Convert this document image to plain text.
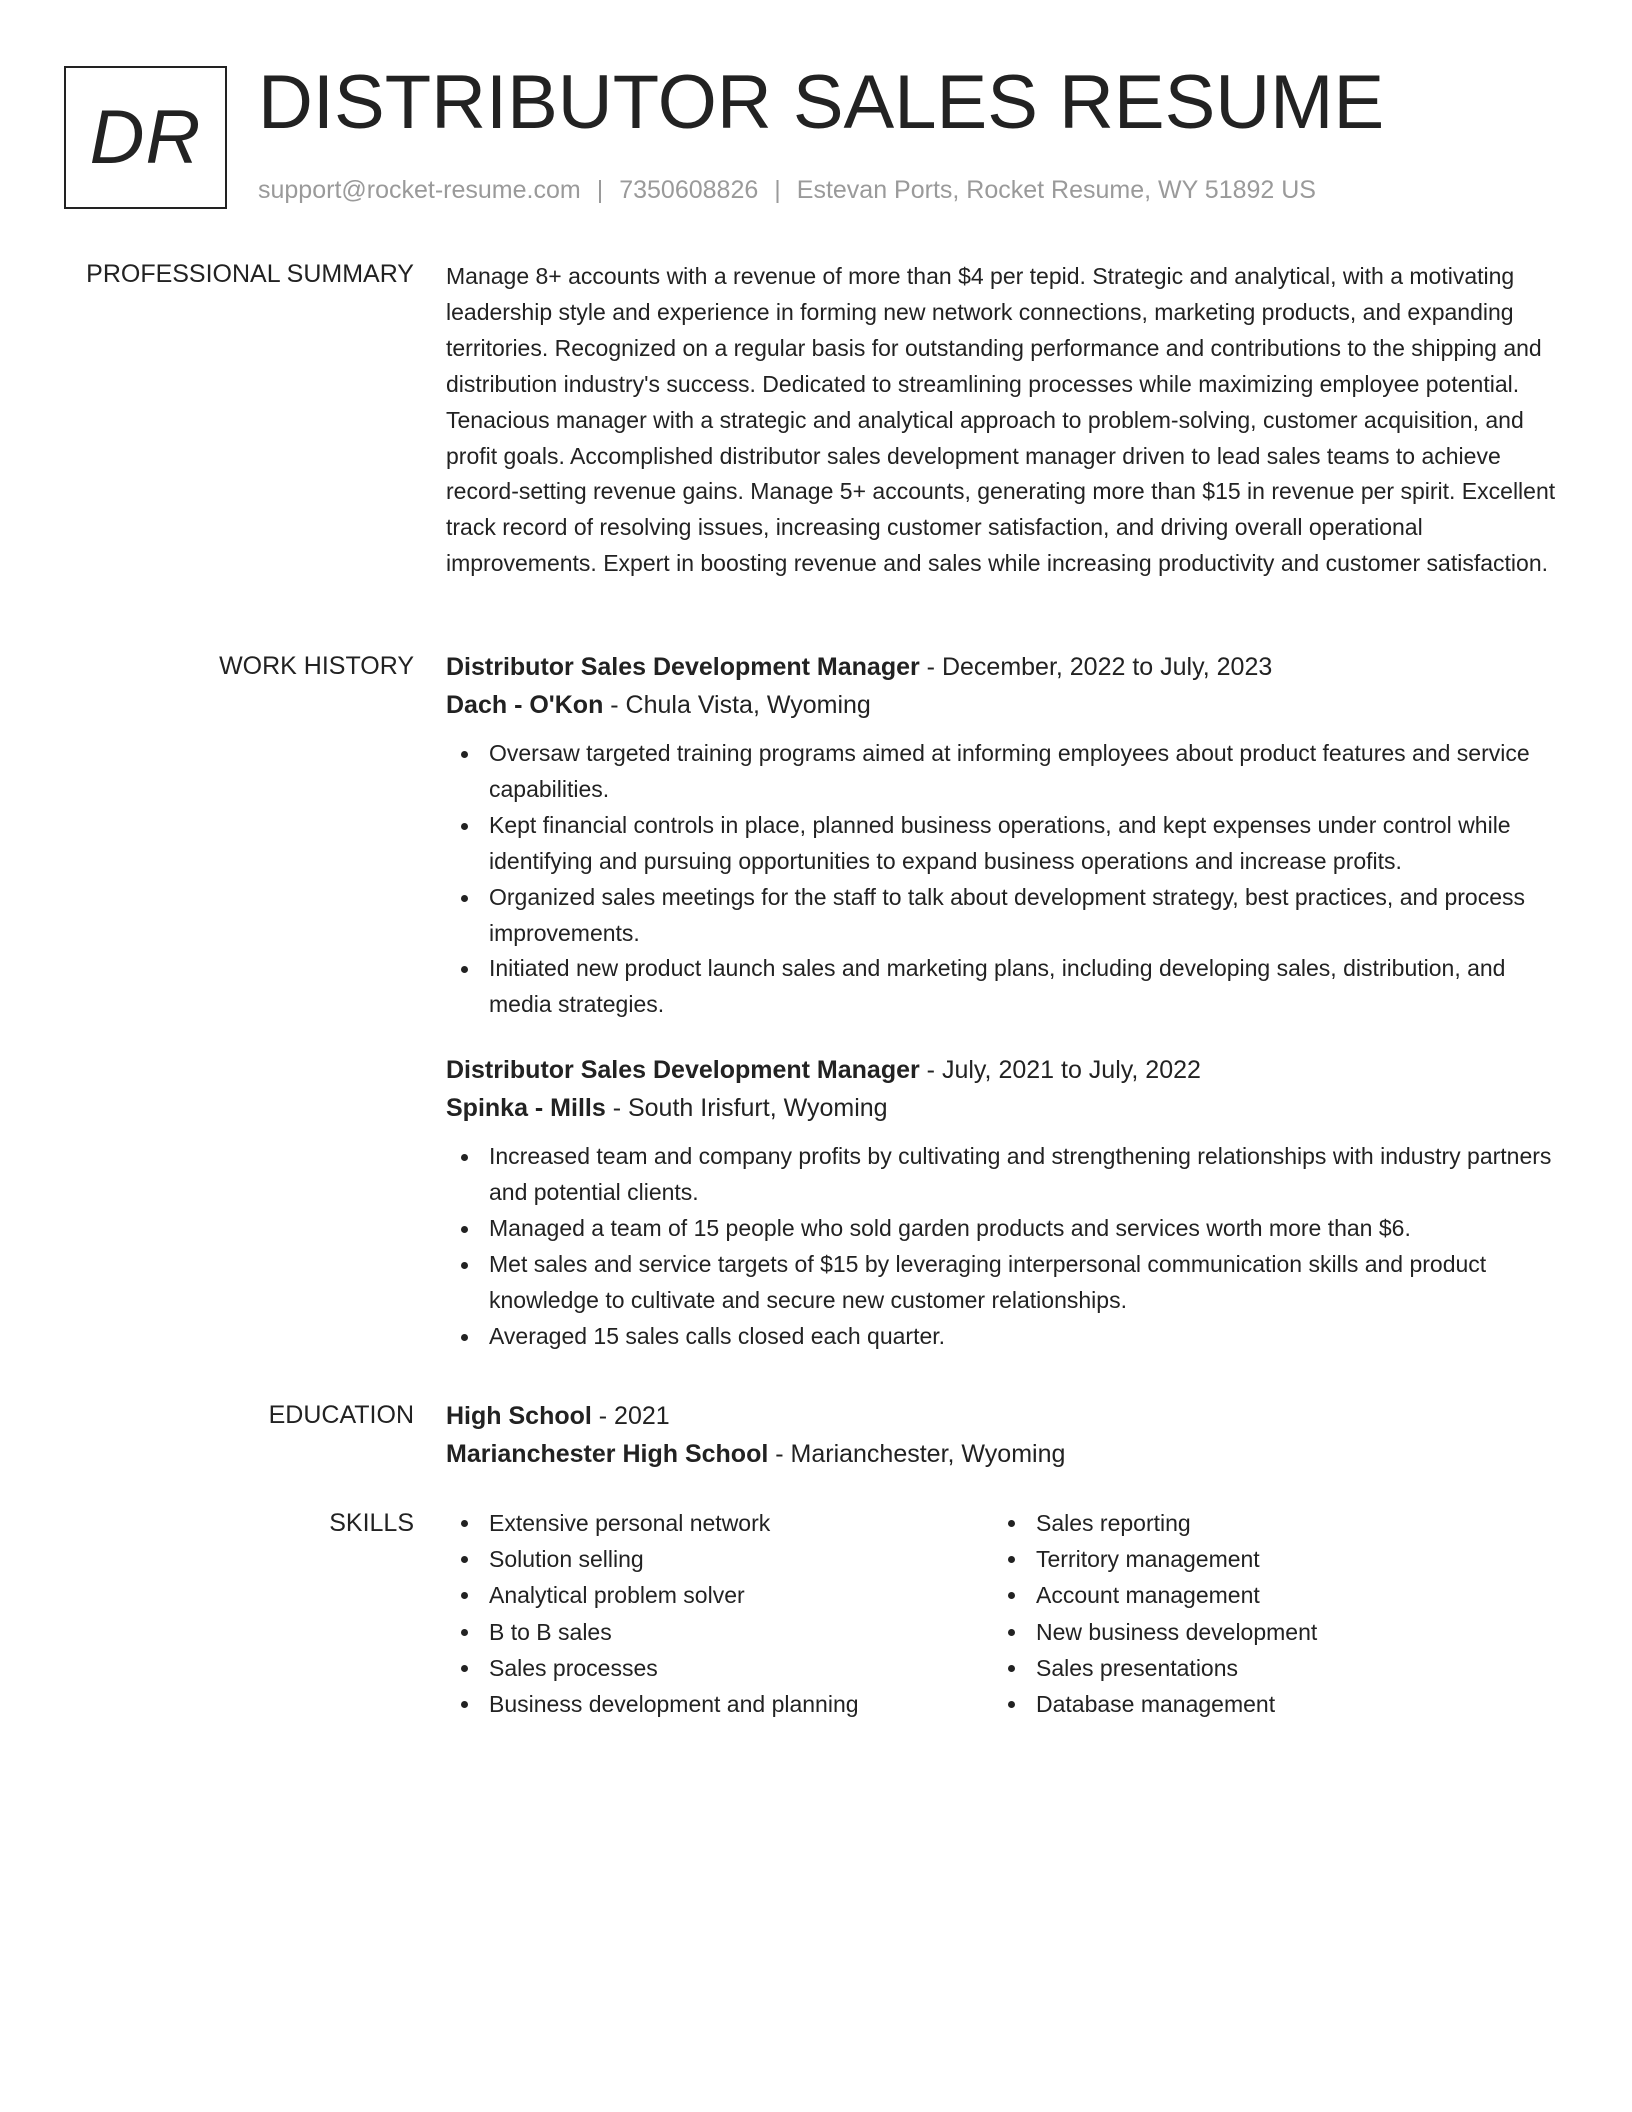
DR DISTRIBUTOR SALES RESUME
support@rocket-resume.com | 7350608826 | Estevan Ports, Rocket Resume, WY 51892 US
PROFESSIONAL SUMMARY Manage 8+ accounts with a revenue of more than $4 per tepid. Strategic and analytical, with a motivating leadership style and experience in forming new network connections, marketing products, and expanding territories. Recognized on a regular basis for outstanding performance and contributions to the shipping and distribution industry's success. Dedicated to streamlining processes while maximizing employee potential. Tenacious manager with a strategic and analytical approach to problem-solving, customer acquisition, and profit goals. Accomplished distributor sales development manager driven to lead sales teams to achieve record-setting revenue gains. Manage 5+ accounts, generating more than $15 in revenue per spirit. Excellent track record of resolving issues, increasing customer satisfaction, and driving overall operational improvements. Expert in boosting revenue and sales while increasing productivity and customer satisfaction.

WORK HISTORY Distributor Sales Development Manager - December, 2022 to July, 2023
Dach - O'Kon - Chula Vista, Wyoming
Oversaw targeted training programs aimed at informing employees about product features and service capabilities.
Kept financial controls in place, planned business operations, and kept expenses under control while identifying and pursuing opportunities to expand business operations and increase profits.
Organized sales meetings for the staff to talk about development strategy, best practices, and process improvements.
Initiated new product launch sales and marketing plans, including developing sales, distribution, and media strategies.
Distributor Sales Development Manager - July, 2021 to July, 2022
Spinka - Mills - South Irisfurt, Wyoming
Increased team and company profits by cultivating and strengthening relationships with industry partners and potential clients.
Managed a team of 15 people who sold garden products and services worth more than $6.
Met sales and service targets of $15 by leveraging interpersonal communication skills and product knowledge to cultivate and secure new customer relationships.
Averaged 15 sales calls closed each quarter.
EDUCATION High School - 2021
Marianchester High School - Marianchester, Wyoming
SKILLS	Extensive personal network
Solution selling
Analytical problem solver
B to B sales
Sales processes
Business development and planning
Sales reporting
Territory management
Account management
New business development
Sales presentations
Database management
